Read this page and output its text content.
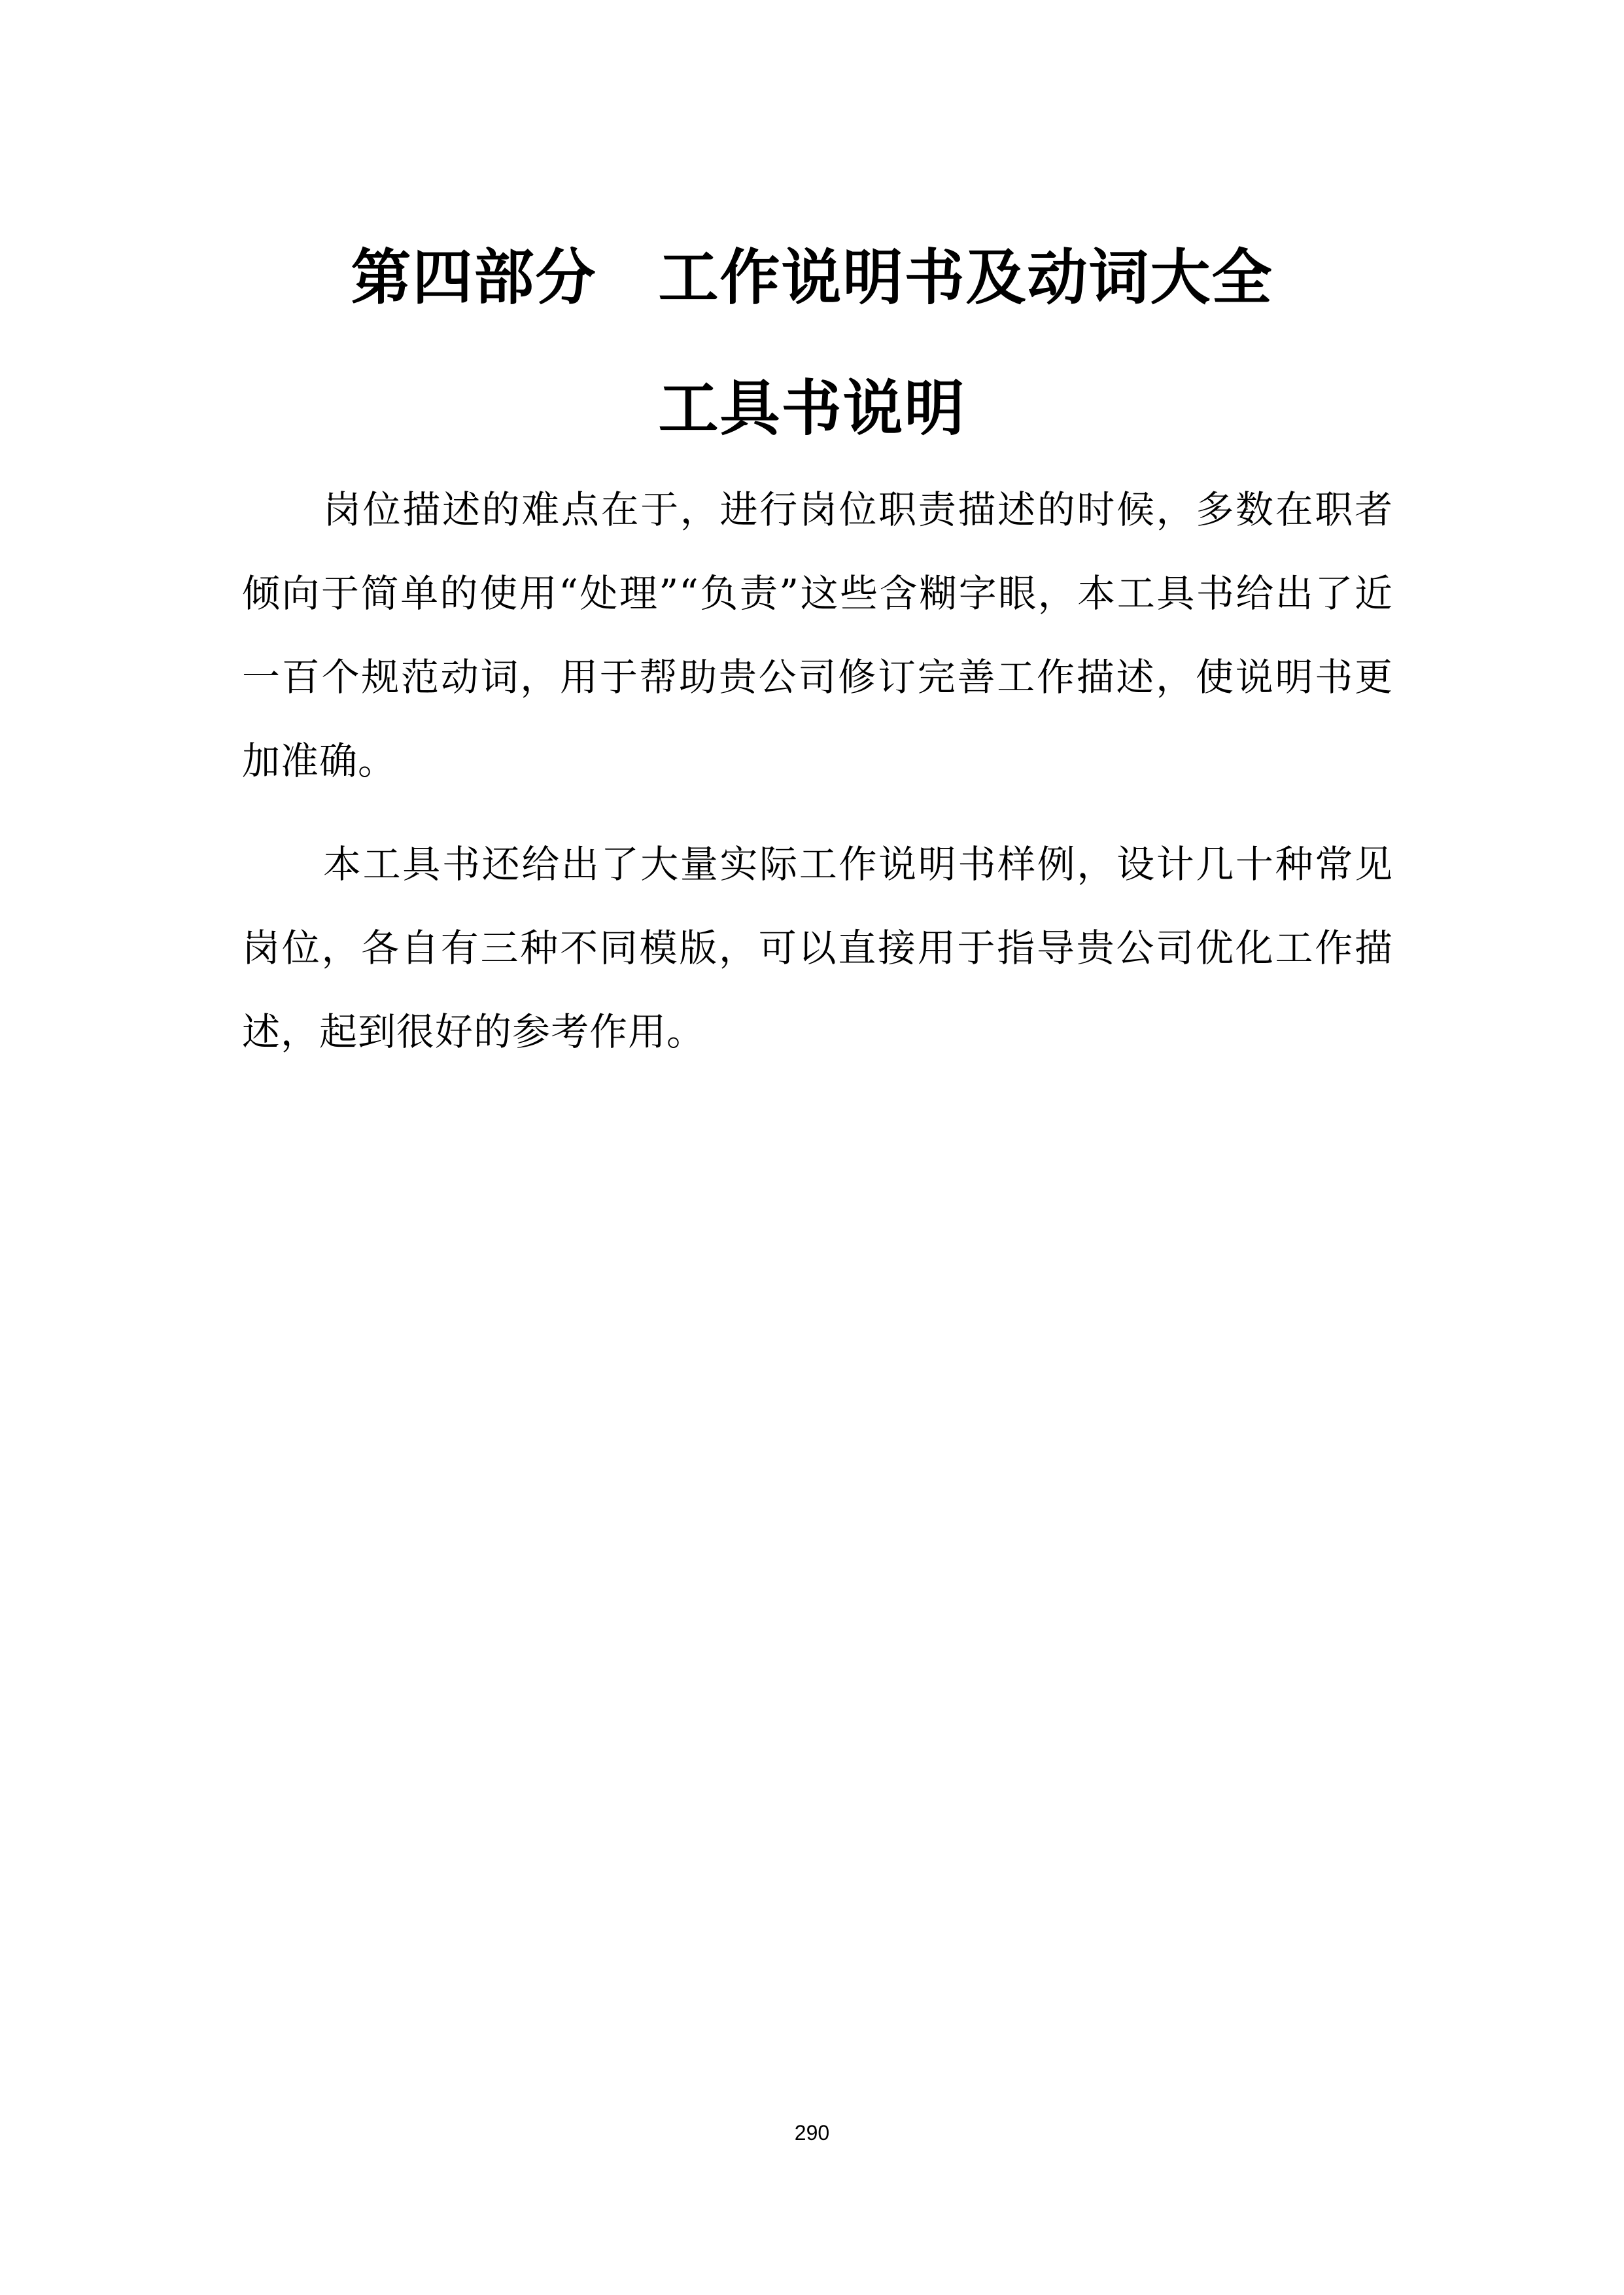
第四部分　工作说明书及动词大全
工具书说明

岗位描述的难点在于，进行岗位职责描述的时候，多数在职者倾向于简单的使用“处理”“负责”这些含糊字眼，本工具书给出了近一百个规范动词，用于帮助贵公司修订完善工作描述，使说明书更加准确。

本工具书还给出了大量实际工作说明书样例，设计几十种常见岗位，各自有三种不同模版，可以直接用于指导贵公司优化工作描述，起到很好的参考作用。

290
